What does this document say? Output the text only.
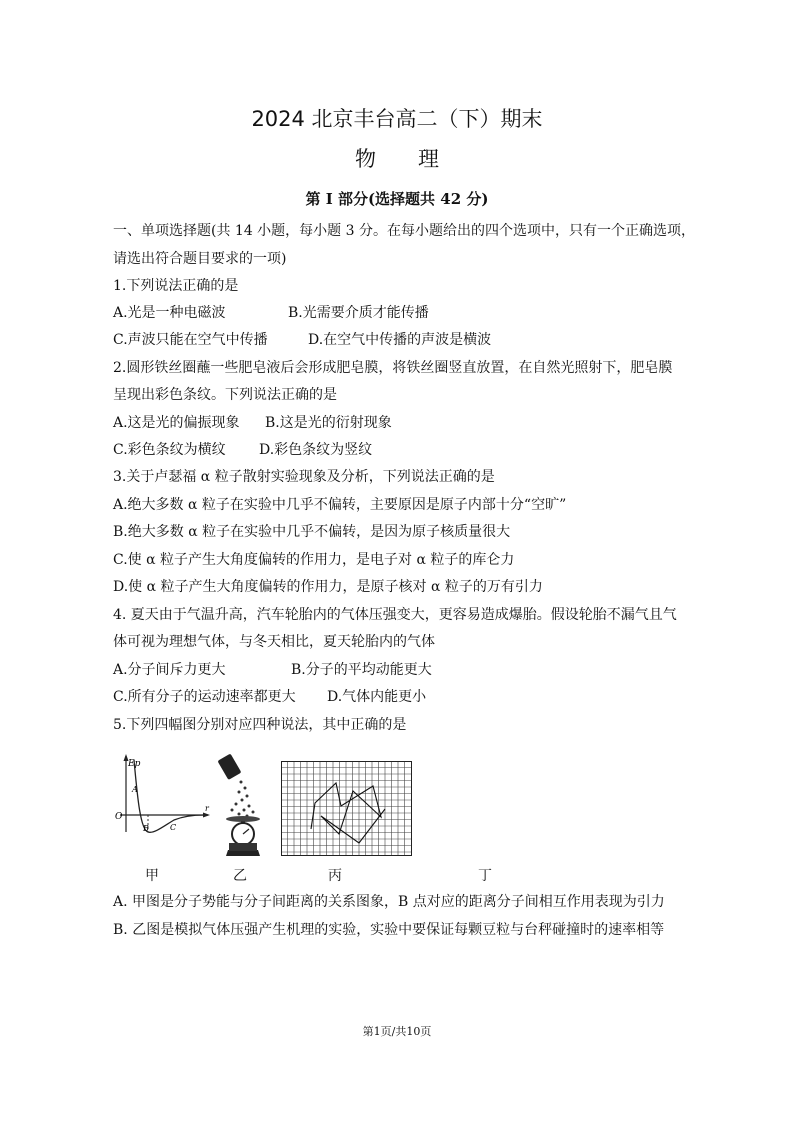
2024 北京丰台高二（下）期末
物 理
第 I 部分(选择题共 42 分)
一、单项选择题(共 14 小题，每小题 3 分。在每小题给出的四个选项中，只有一个正确选项，
请选出符合题目要求的一项)
1.下列说法正确的是
A.光是一种电磁波	B.光需要介质才能传播
C.声波只能在空气中传播	D.在空气中传播的声波是横波
2.圆形铁丝圈蘸一些肥皂液后会形成肥皂膜，将铁丝圈竖直放置，在自然光照射下，肥皂膜
呈现出彩色条纹。下列说法正确的是
A.这是光的偏振现象 B.这是光的衍射现象
C.彩色条纹为横纹 D.彩色条纹为竖纹
3.关于卢瑟福 α 粒子散射实验现象及分析，下列说法正确的是
A.绝大多数 α 粒子在实验中几乎不偏转，主要原因是原子内部十分“空旷”
B.绝大多数 α 粒子在实验中几乎不偏转，是因为原子核质量很大
C.使 α 粒子产生大角度偏转的作用力，是电子对 α 粒子的库仑力
D.使 α 粒子产生大角度偏转的作用力，是原子核对 α 粒子的万有引力
4. 夏天由于气温升高，汽车轮胎内的气体压强变大，更容易造成爆胎。假设轮胎不漏气且气
体可视为理想气体，与冬天相比，夏天轮胎内的气体
A.分子间斥力更大	B.分子的平均动能更大
C.所有分子的运动速率都更大 D.气体内能更小
5.下列四幅图分别对应四种说法，其中正确的是
Ep
O
r
A
B	C
甲	乙	丙	丁
A. 甲图是分子势能与分子间距离的关系图象，B 点对应的距离分子间相互作用表现为引力
B. 乙图是模拟气体压强产生机理的实验，实验中要保证每颗豆粒与台秤碰撞时的速率相等
第1页/共10页
